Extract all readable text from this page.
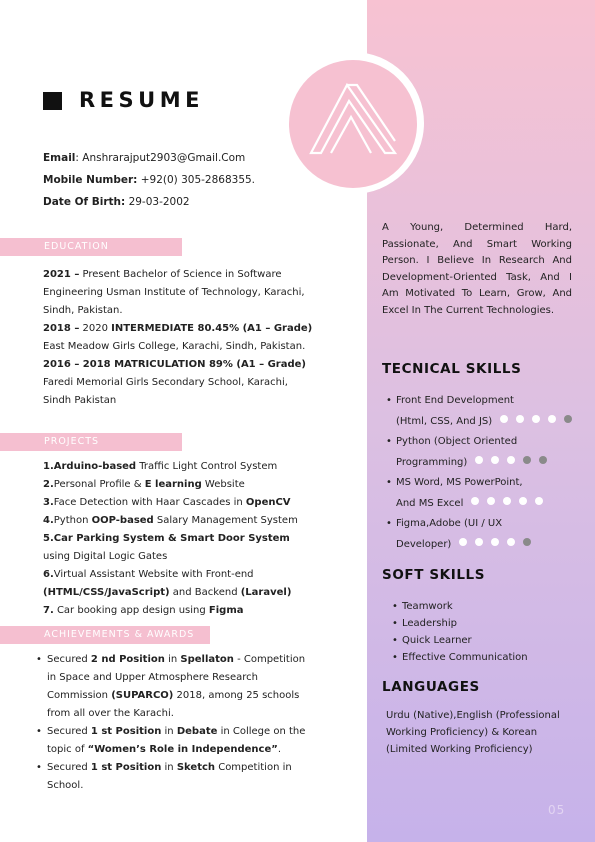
RESUME
Email: Anshrarajput2903@Gmail.Com
Mobile Number: +92(0) 305-2868355.
Date Of Birth: 29-03-2002
EDUCATION

2021 – Present Bachelor of Science in Software Engineering Usman Institute of Technology, Karachi, Sindh, Pakistan.

2018 – 2020 INTERMEDIATE 80.45% (A1 – Grade) East Meadow Girls College, Karachi, Sindh, Pakistan.

2016 – 2018 MATRICULATION 89% (A1 – Grade) Faredi Memorial Girls Secondary School, Karachi, Sindh Pakistan

PROJECTS

1.Arduino-based Traffic Light Control System

2.Personal Profile & E learning Website

3.Face Detection with Haar Cascades in OpenCV

4.Python OOP-based Salary Management System

5.Car Parking System & Smart Door System

using Digital Logic Gates

6.Virtual Assistant Website with Front-end

(HTML/CSS/JavaScript) and Backend (Laravel)

7. Car booking app design using Figma

ACHIEVEMENTS & AWARDS
• Secured 2 nd Position in Spellaton - Competition in Space and Upper Atmosphere Research Commission (SUPARCO) 2018, among 25 schools from all over the Karachi.
• Secured 1 st Position in Debate in College on the topic of “Women’s Role in Independence”.
• Secured 1 st Position in Sketch Competition in School.
A Young, Determined Hard, Passionate, And Smart Working Person. I Believe In Research And Development-Oriented Task, And I Am Motivated To Learn, Grow, And Excel In The Current Technologies.
TECNICAL SKILLS
• Front End Development
(Html, CSS, And JS)
• Python (Object Oriented
Programming)
• MS Word, MS PowerPoint,
And MS Excel
• Figma,Adobe (UI / UX
Developer)
SOFT SKILLS
• Teamwork
• Leadership
• Quick Learner
• Effective Communication
LANGUAGES
Urdu (Native),English (Professional Working Proficiency) & Korean (Limited Working Proficiency)
05
